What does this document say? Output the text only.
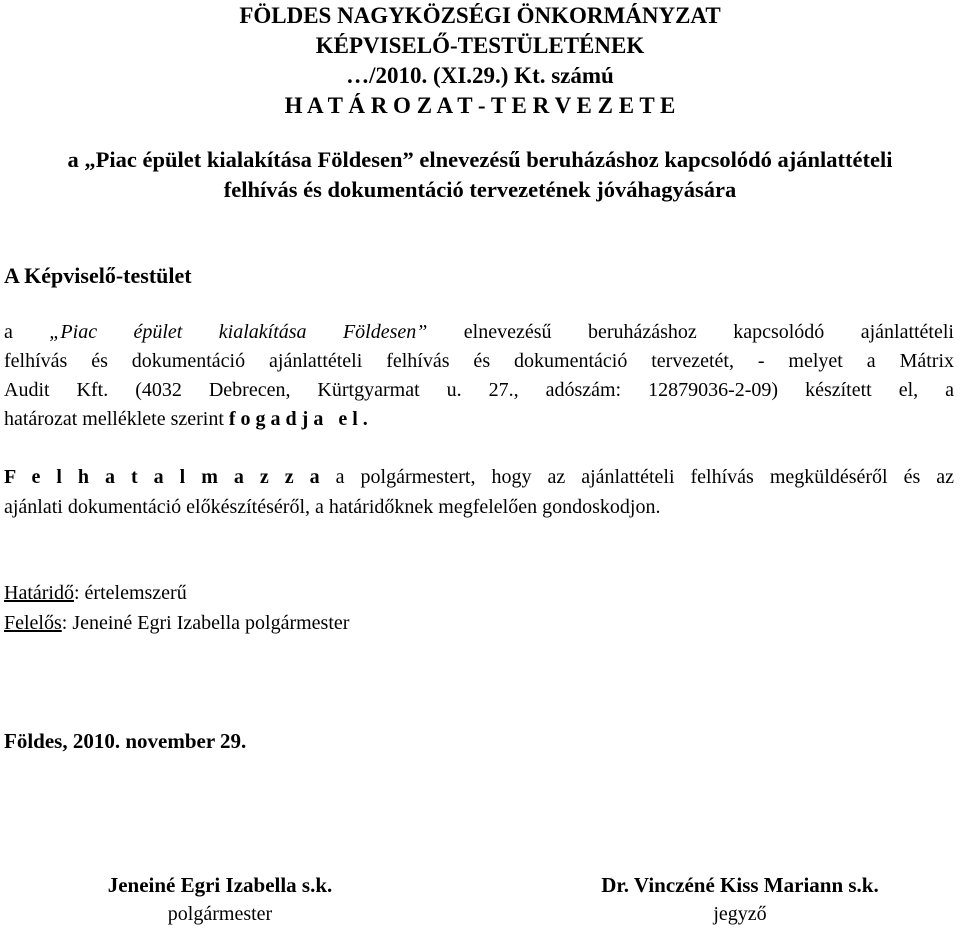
FÖLDES NAGYKÖZSÉGI ÖNKORMÁNYZAT
KÉPVISELŐ-TESTÜLETÉNEK
…/2010. (XI.29.) Kt. számú
H A T Á R O Z A T - T E R V E Z E T E
a „Piac épület kialakítása Földesen” elnevezésű beruházáshoz kapcsolódó ajánlattételi
felhívás és dokumentáció tervezetének jóváhagyására
A Képviselő-testület
a „Piac épület kialakítása Földesen” elnevezésű beruházáshoz kapcsolódó ajánlattételi
felhívás és dokumentáció ajánlattételi felhívás és dokumentáció tervezetét, - melyet a Mátrix
Audit Kft. (4032 Debrecen, Kürtgyarmat u. 27., adószám: 12879036-2-09) készített el, a
határozat melléklete szerint f o g a d j a   e l .
F e l h a t a l m a z z a a polgármestert, hogy az ajánlattételi felhívás megküldéséről és az
ajánlati dokumentáció előkészítéséről, a határidőknek megfelelően gondoskodjon.
Határidő: értelemszerű
Felelős: Jeneiné Egri Izabella polgármester
Földes, 2010. november 29.
Jeneiné Egri Izabella s.k.
polgármester
Dr. Vinczéné Kiss Mariann s.k.
jegyző
